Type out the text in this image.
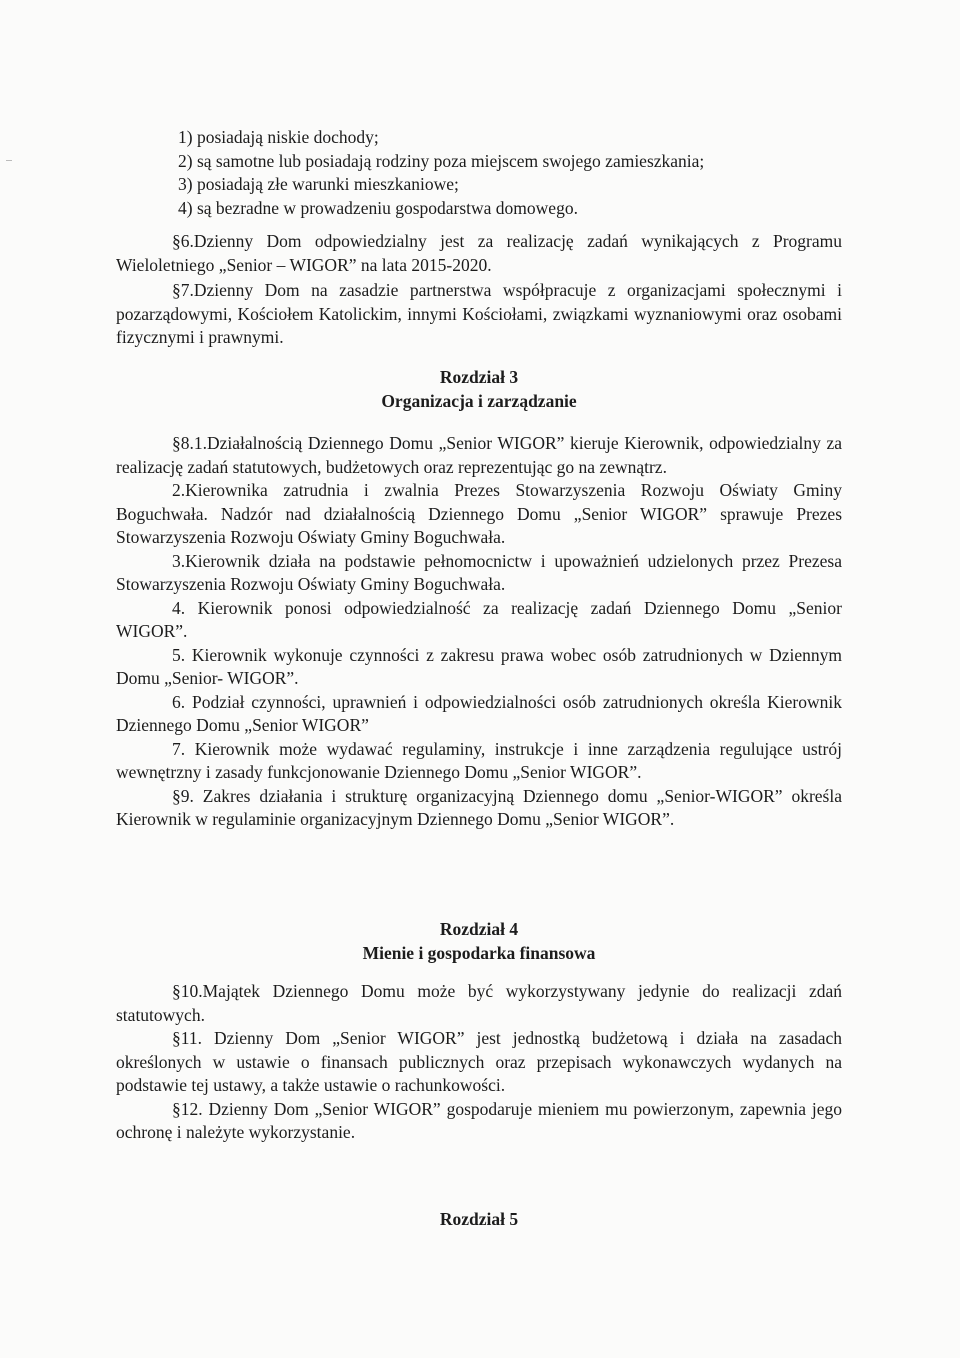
1) posiadają niskie dochody;

2) są samotne lub posiadają rodziny poza miejscem swojego zamieszkania;

3) posiadają złe warunki mieszkaniowe;

4) są bezradne w prowadzeniu gospodarstwa domowego.

§6.Dzienny Dom odpowiedzialny jest za realizację zadań wynikających z Programu Wieloletniego „Senior – WIGOR” na lata 2015-2020.

§7.Dzienny Dom na zasadzie partnerstwa współpracuje z organizacjami społecznymi i pozarządowymi, Kościołem Katolickim, innymi Kościołami, związkami wyznaniowymi oraz osobami fizycznymi i prawnymi.

Rozdział 3
Organizacja i zarządzanie

§8.1.Działalnością Dziennego Domu „Senior WIGOR” kieruje Kierownik, odpowiedzialny za realizację zadań statutowych, budżetowych oraz reprezentując go na zewnątrz.

2.Kierownika zatrudnia i zwalnia Prezes Stowarzyszenia Rozwoju Oświaty Gminy Boguchwała. Nadzór nad działalnością Dziennego Domu „Senior WIGOR” sprawuje Prezes Stowarzyszenia Rozwoju Oświaty Gminy Boguchwała.

3.Kierownik działa na podstawie pełnomocnictw i upoważnień udzielonych przez Prezesa Stowarzyszenia Rozwoju Oświaty Gminy Boguchwała.

4. Kierownik ponosi odpowiedzialność za realizację zadań Dziennego Domu „Senior WIGOR”.

5. Kierownik wykonuje czynności z zakresu prawa wobec osób zatrudnionych w Dziennym Domu „Senior- WIGOR”.

6. Podział czynności, uprawnień i odpowiedzialności osób zatrudnionych określa Kierownik Dziennego Domu „Senior WIGOR”

7. Kierownik może wydawać regulaminy, instrukcje i inne zarządzenia regulujące ustrój wewnętrzny i zasady funkcjonowanie Dziennego Domu „Senior WIGOR”.

§9. Zakres działania i strukturę organizacyjną Dziennego domu „Senior-WIGOR” określa Kierownik w regulaminie organizacyjnym Dziennego Domu „Senior WIGOR”.

Rozdział 4
Mienie i gospodarka finansowa

§10.Majątek Dziennego Domu może być wykorzystywany jedynie do realizacji zdań statutowych.

§11. Dzienny Dom „Senior WIGOR” jest jednostką budżetową i działa na zasadach określonych w ustawie o finansach publicznych oraz przepisach wykonawczych wydanych na podstawie tej ustawy, a także ustawie o rachunkowości.

§12. Dzienny Dom „Senior WIGOR” gospodaruje mieniem mu powierzonym, zapewnia jego ochronę i należyte wykorzystanie.

Rozdział 5
